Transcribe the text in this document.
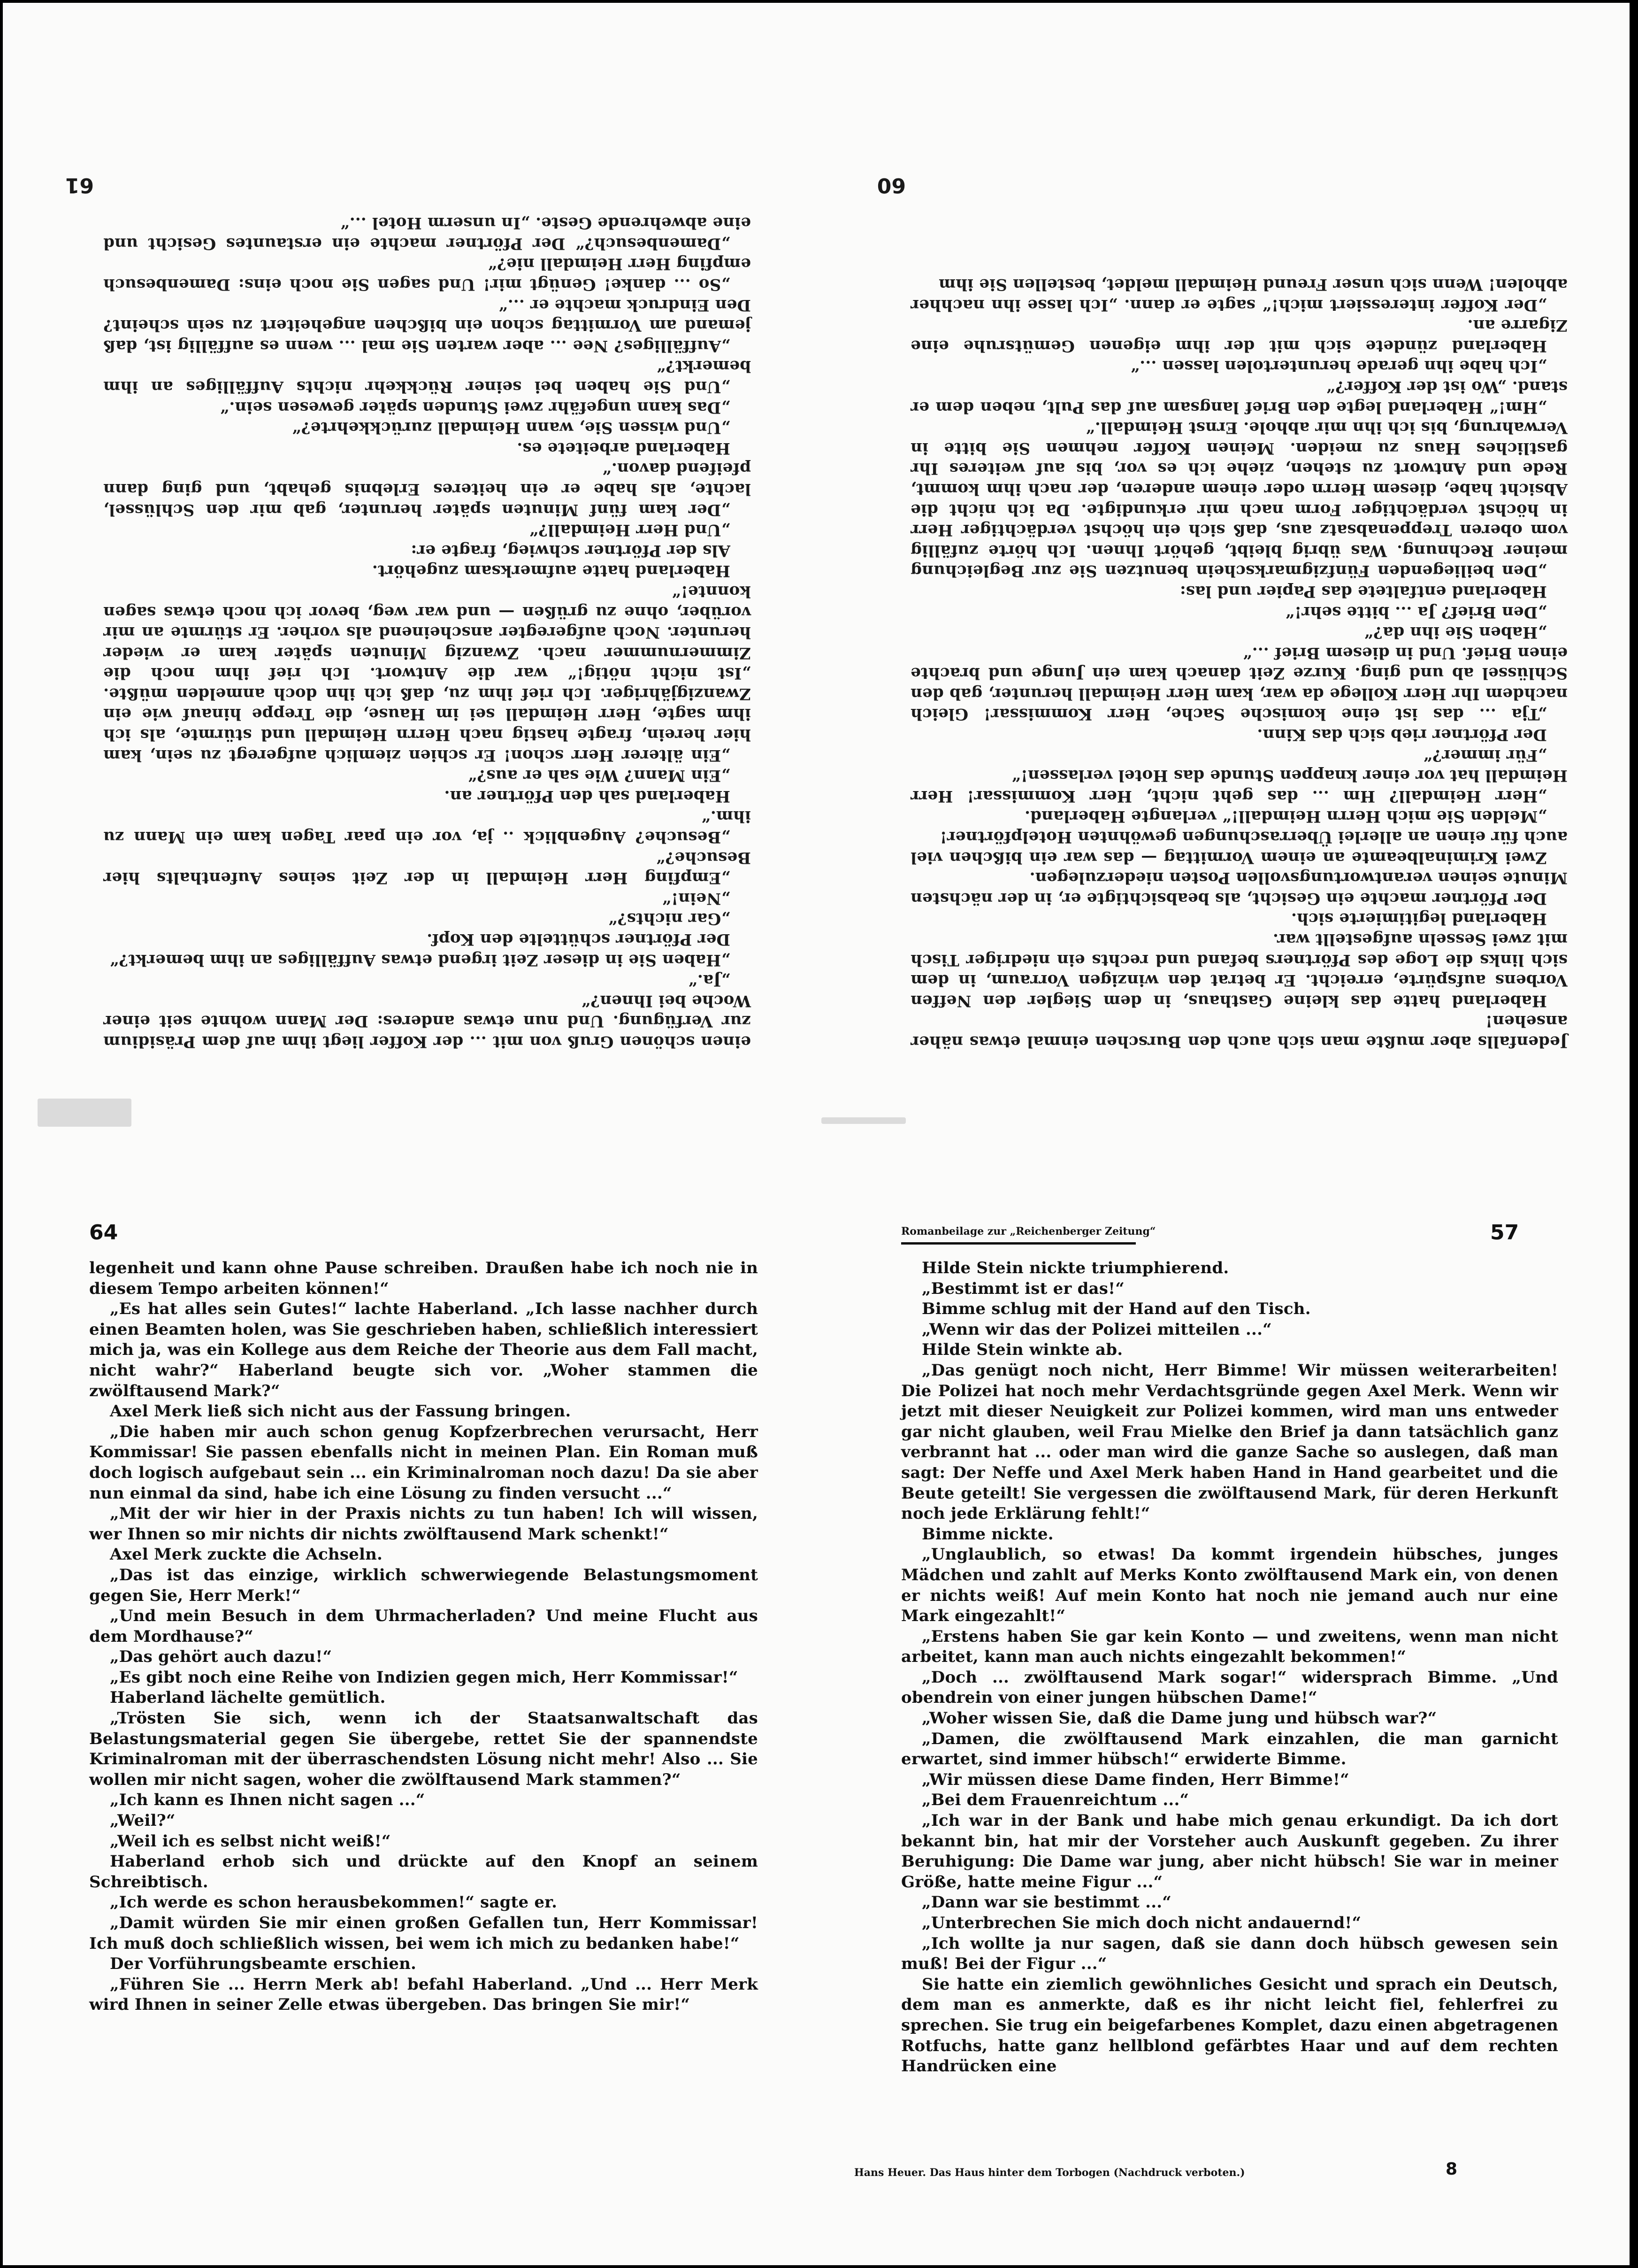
61

einen schönen Gruß von mit ... der Koffer liegt ihm auf dem Präsidium zur Verfügung. Und nun etwas anderes: Der Mann wohnte seit einer Woche bei Ihnen?“

„Ja.“

„Haben Sie in dieser Zeit irgend etwas Auffälliges an ihm bemerkt?“

Der Pförtner schüttelte den Kopf.

„Gar nichts?“

„Nein!“

„Empfing Herr Heimdall in der Zeit seines Aufenthalts hier Besuche?“

„Besuche? Augenblick .. ja, vor ein paar Tagen kam ein Mann zu ihm.“

Haberland sah den Pförtner an.

„Ein Mann? Wie sah er aus?“

„Ein älterer Herr schon! Er schien ziemlich aufgeregt zu sein, kam hier herein, fragte hastig nach Herrn Heimdall und stürmte, als ich ihm sagte, Herr Heimdall sei im Hause, die Treppe hinauf wie ein Zwanzigjähriger. Ich rief ihm zu, daß ich ihn doch anmelden müßte. „Ist nicht nötig!“ war die Antwort. Ich rief ihm noch die Zimmernummer nach. Zwanzig Minuten später kam er wieder herunter. Noch aufgeregter anscheinend als vorher. Er stürmte an mir vorüber, ohne zu grüßen — und war weg, bevor ich noch etwas sagen konnte!“

Haberland hatte aufmerksam zugehört.

Als der Pförtner schwieg, fragte er:

„Und Herr Heimdall?“

„Der kam fünf Minuten später herunter, gab mir den Schlüssel, lachte, als habe er ein heiteres Erlebnis gehabt, und ging dann pfeifend davon.“

Haberland arbeitete es.

„Und wissen Sie, wann Heimdall zurückkehrte?“

„Das kann ungefähr zwei Stunden später gewesen sein.“

„Und Sie haben bei seiner Rückkehr nichts Auffälliges an ihm bemerkt?“

„Auffälliges? Nee ... aber warten Sie mal ... wenn es auffällig ist, daß jemand am Vormittag schon ein bißchen angeheitert zu sein scheint? Den Eindruck machte er ...“

„So ... danke! Genügt mir! Und sagen Sie noch eins: Damenbesuch empfing Herr Heimdall nie?“

„Damenbesuch?“ Der Pförtner machte ein erstauntes Gesicht und eine abwehrende Geste. „In unserm Hotel ...“

60

Jedenfalls aber mußte man sich auch den Burschen einmal etwas näher ansehen!

Haberland hatte das kleine Gasthaus, in dem Siegler den Neffen Vorbens aufspürte, erreicht. Er betrat den winzigen Vorraum, in dem sich links die Loge des Pförtners befand und rechts ein niedriger Tisch mit zwei Sesseln aufgestellt war.

Haberland legitimierte sich.

Der Pförtner machte ein Gesicht, als beabsichtigte er, in der nächsten Minute seinen verantwortungsvollen Posten niederzulegen.

Zwei Kriminalbeamte an einem Vormittag — das war ein bißchen viel auch für einen an allerlei Überraschungen gewöhnten Hotelpförtner!

„Melden Sie mich Herrn Heimdall!“ verlangte Haberland.

„Herr Heimdall? Hm ... das geht nicht, Herr Kommissar! Herr Heimdall hat vor einer knappen Stunde das Hotel verlassen!“

„Für immer?“

Der Pförtner rieb sich das Kinn.

„Tja ... das ist eine komische Sache, Herr Kommissar! Gleich nachdem Ihr Herr Kollege da war, kam Herr Heimdall herunter, gab den Schlüssel ab und ging. Kurze Zeit danach kam ein Junge und brachte einen Brief. Und in diesem Brief ...“

„Haben Sie ihn da?“

„Den Brief? Ja ... bitte sehr!“

Haberland entfaltete das Papier und las:

„Den beiliegenden Fünfzigmarkschein benutzen Sie zur Begleichung meiner Rechnung. Was übrig bleibt, gehört Ihnen. Ich hörte zufällig vom oberen Treppenabsatz aus, daß sich ein höchst verdächtiger Herr in höchst verdächtiger Form nach mir erkundigte. Da ich nicht die Absicht habe, diesem Herrn oder einem anderen, der nach ihm kommt, Rede und Antwort zu stehen, ziehe ich es vor, bis auf weiteres Ihr gastliches Haus zu meiden. Meinen Koffer nehmen Sie bitte in Verwahrung, bis ich ihn mir abhole. Ernst Heimdall.“

„Hm!“ Haberland legte den Brief langsam auf das Pult, neben dem er stand. „Wo ist der Koffer?“

„Ich habe ihn gerade heruntertolen lassen ...“

Haberland zündete sich mit der ihm eigenen Gemütsruhe eine Zigarre an.

„Der Koffer interessiert mich!“ sagte er dann. „Ich lasse ihn nachher abholen! Wenn sich unser Freund Heimdall meldet, bestellen Sie ihm

64

legenheit und kann ohne Pause schreiben. Draußen habe ich noch nie in diesem Tempo arbeiten können!“

„Es hat alles sein Gutes!“ lachte Haberland. „Ich lasse nachher durch einen Beamten holen, was Sie geschrieben haben, schließlich interessiert mich ja, was ein Kollege aus dem Reiche der Theorie aus dem Fall macht, nicht wahr?“ Haberland beugte sich vor. „Woher stammen die zwölftausend Mark?“

Axel Merk ließ sich nicht aus der Fassung bringen.

„Die haben mir auch schon genug Kopfzerbrechen verursacht, Herr Kommissar! Sie passen ebenfalls nicht in meinen Plan. Ein Roman muß doch logisch aufgebaut sein ... ein Kriminalroman noch dazu! Da sie aber nun einmal da sind, habe ich eine Lösung zu finden versucht ...“

„Mit der wir hier in der Praxis nichts zu tun haben! Ich will wissen, wer Ihnen so mir nichts dir nichts zwölftausend Mark schenkt!“

Axel Merk zuckte die Achseln.

„Das ist das einzige, wirklich schwerwiegende Belastungsmoment gegen Sie, Herr Merk!“

„Und mein Besuch in dem Uhrmacherladen? Und meine Flucht aus dem Mordhause?“

„Das gehört auch dazu!“

„Es gibt noch eine Reihe von Indizien gegen mich, Herr Kommissar!“

Haberland lächelte gemütlich.

„Trösten Sie sich, wenn ich der Staatsanwaltschaft das Belastungsmaterial gegen Sie übergebe, rettet Sie der spannendste Kriminalroman mit der überraschendsten Lösung nicht mehr! Also ... Sie wollen mir nicht sagen, woher die zwölftausend Mark stammen?“

„Ich kann es Ihnen nicht sagen ...“

„Weil?“

„Weil ich es selbst nicht weiß!“

Haberland erhob sich und drückte auf den Knopf an seinem Schreibtisch.

„Ich werde es schon herausbekommen!“ sagte er.

„Damit würden Sie mir einen großen Gefallen tun, Herr Kommissar! Ich muß doch schließlich wissen, bei wem ich mich zu bedanken habe!“

Der Vorführungsbeamte erschien.

„Führen Sie ... Herrn Merk ab! befahl Haberland. „Und ... Herr Merk wird Ihnen in seiner Zelle etwas übergeben. Das bringen Sie mir!“

Romanbeilage zur „Reichenberger Zeitung“	57

Hilde Stein nickte triumphierend.

„Bestimmt ist er das!“

Bimme schlug mit der Hand auf den Tisch.

„Wenn wir das der Polizei mitteilen ...“

Hilde Stein winkte ab.

„Das genügt noch nicht, Herr Bimme! Wir müssen weiterarbeiten! Die Polizei hat noch mehr Verdachtsgründe gegen Axel Merk. Wenn wir jetzt mit dieser Neuigkeit zur Polizei kommen, wird man uns entweder gar nicht glauben, weil Frau Mielke den Brief ja dann tatsächlich ganz verbrannt hat ... oder man wird die ganze Sache so auslegen, daß man sagt: Der Neffe und Axel Merk haben Hand in Hand gearbeitet und die Beute geteilt! Sie vergessen die zwölftausend Mark, für deren Herkunft noch jede Erklärung fehlt!“

Bimme nickte.

„Unglaublich, so etwas! Da kommt irgendein hübsches, junges Mädchen und zahlt auf Merks Konto zwölftausend Mark ein, von denen er nichts weiß! Auf mein Konto hat noch nie jemand auch nur eine Mark eingezahlt!“

„Erstens haben Sie gar kein Konto — und zweitens, wenn man nicht arbeitet, kann man auch nichts eingezahlt bekommen!“

„Doch ... zwölftausend Mark sogar!“ widersprach Bimme. „Und obendrein von einer jungen hübschen Dame!“

„Woher wissen Sie, daß die Dame jung und hübsch war?“

„Damen, die zwölftausend Mark einzahlen, die man garnicht erwartet, sind immer hübsch!“ erwiderte Bimme.

„Wir müssen diese Dame finden, Herr Bimme!“

„Bei dem Frauenreichtum ...“

„Ich war in der Bank und habe mich genau erkundigt. Da ich dort bekannt bin, hat mir der Vorsteher auch Auskunft gegeben. Zu ihrer Beruhigung: Die Dame war jung, aber nicht hübsch! Sie war in meiner Größe, hatte meine Figur ...“

„Dann war sie bestimmt ...“

„Unterbrechen Sie mich doch nicht andauernd!“

„Ich wollte ja nur sagen, daß sie dann doch hübsch gewesen sein muß! Bei der Figur ...“

Sie hatte ein ziemlich gewöhnliches Gesicht und sprach ein Deutsch, dem man es anmerkte, daß es ihr nicht leicht fiel, fehlerfrei zu sprechen. Sie trug ein beigefarbenes Komplet, dazu einen abgetragenen Rotfuchs, hatte ganz hellblond gefärbtes Haar und auf dem rechten Handrücken eine

Hans Heuer. Das Haus hinter dem Torbogen (Nachdruck verboten.)	8
